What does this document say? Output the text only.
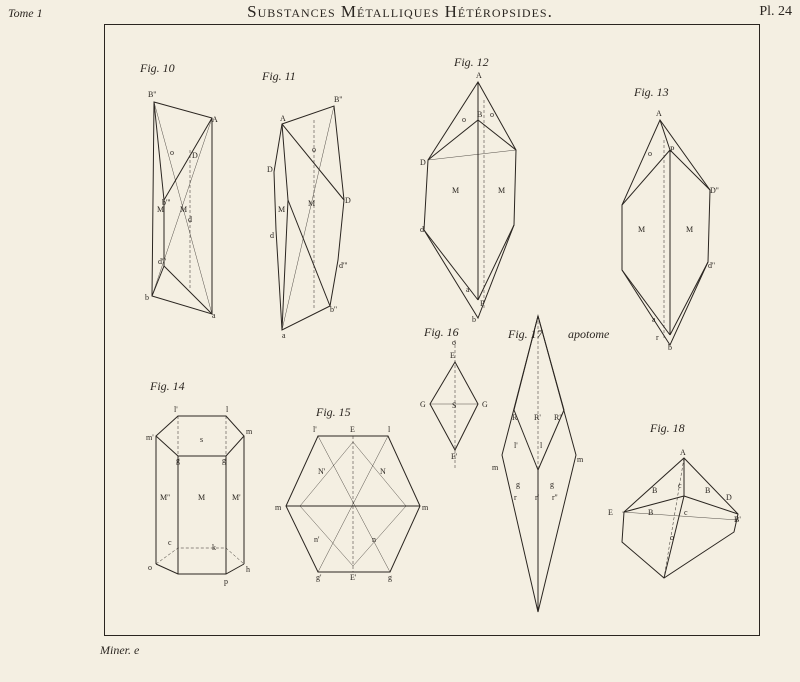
Tome 1	Substances Métalliques Hétéropsides.	Pl. 24
Miner. e
Fig. 10
B''
A
o D
b'''
M M
d
d'''
b
a
Fig. 11
B''
A
o
D
D
M
M
d
d'''
b''
a
Fig. 12
A
o
B o
D
M	M
d
a
P
b
Fig. 13
A
o P
D''
M	M
d''
a
r
b
Fig. 14
l'	l
m'
m
s
g	g
M''	M	M'
c
k
h
o
p
Fig. 15
E
l'	l
N'	N
m	m
n'	n
g'	g
E'
Fig. 16
o
E
G	S	G
E'
Fig. 17 apotome
R R' R''
l'	l
m
m
g	g
r r' r''
Fig. 18
A
c
B	B
D
E	B	c
B'
o
